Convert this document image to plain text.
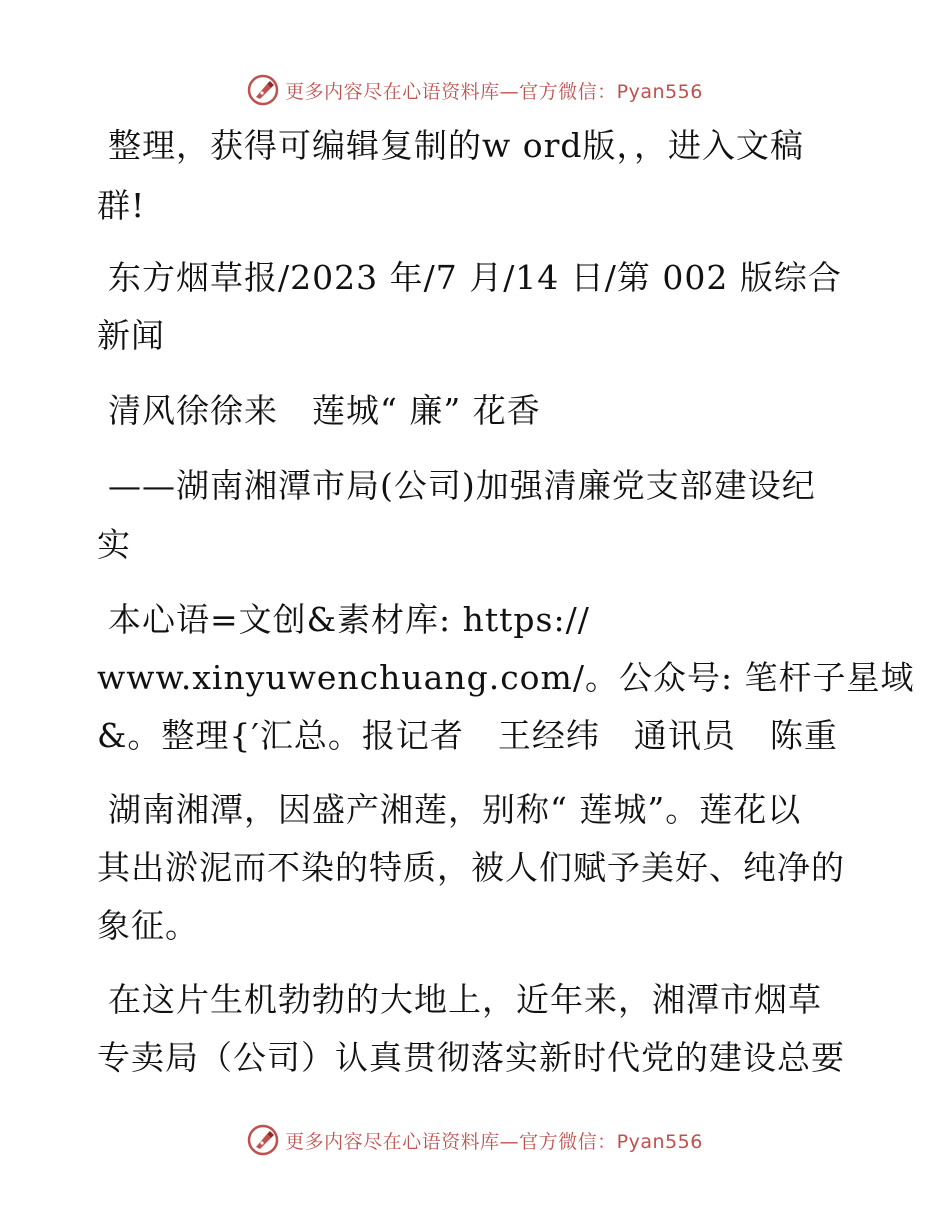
更多内容尽在心语资料库—官方微信：Pyan556
整理，获得可编辑复制的w ord版，，进入文稿
群!
东方烟草报/2023 年/7 月/14 日/第 002 版综合
新闻
清风徐徐来　莲城“ 廉” 花香
——湖南湘潭市局(公司)加强清廉党支部建设纪
实
本心语=文创&素材库: https://
www.xinyuwenchuang.com/。公众号: 笔杆子星域
&。整理{′汇总。报记者　王经纬　通讯员　陈重
湖南湘潭，因盛产湘莲，别称“ 莲城”。莲花以
其出淤泥而不染的特质，被人们赋予美好、纯净的
象征。
在这片生机勃勃的大地上，近年来，湘潭市烟草
专卖局（公司）认真贯彻落实新时代党的建设总要
更多内容尽在心语资料库—官方微信：Pyan556
